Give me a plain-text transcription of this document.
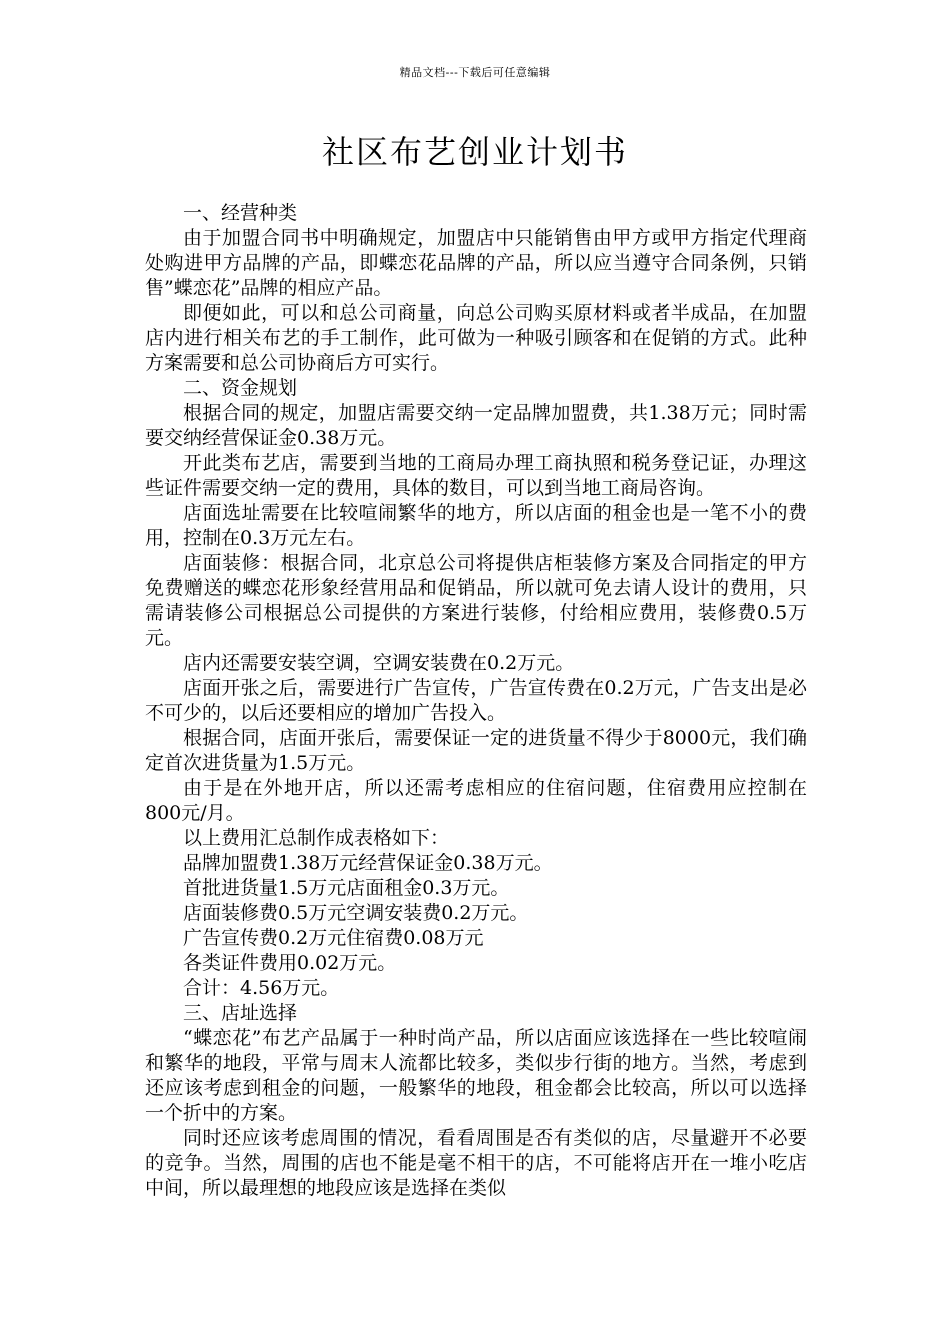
精品文档---下载后可任意编辑
社区布艺创业计划书

一、经营种类

由于加盟合同书中明确规定，加盟店中只能销售由甲方或甲方指定代理商处购进甲方品牌的产品，即蝶恋花品牌的产品，所以应当遵守合同条例，只销售”蝶恋花”品牌的相应产品。

即便如此，可以和总公司商量，向总公司购买原材料或者半成品，在加盟店内进行相关布艺的手工制作，此可做为一种吸引顾客和在促销的方式。此种方案需要和总公司协商后方可实行。

二、资金规划

根据合同的规定，加盟店需要交纳一定品牌加盟费，共1.38万元；同时需要交纳经营保证金0.38万元。

开此类布艺店，需要到当地的工商局办理工商执照和税务登记证，办理这些证件需要交纳一定的费用，具体的数目，可以到当地工商局咨询。

店面选址需要在比较喧闹繁华的地方，所以店面的租金也是一笔不小的费用，控制在0.3万元左右。

店面装修：根据合同，北京总公司将提供店柜装修方案及合同指定的甲方免费赠送的蝶恋花形象经营用品和促销品，所以就可免去请人设计的费用，只需请装修公司根据总公司提供的方案进行装修，付给相应费用，装修费0.5万元。

店内还需要安装空调，空调安装费在0.2万元。

店面开张之后，需要进行广告宣传，广告宣传费在0.2万元，广告支出是必不可少的，以后还要相应的增加广告投入。

根据合同，店面开张后，需要保证一定的进货量不得少于8000元，我们确定首次进货量为1.5万元。

由于是在外地开店，所以还需考虑相应的住宿问题，住宿费用应控制在800元/月。

以上费用汇总制作成表格如下：

品牌加盟费1.38万元经营保证金0.38万元。

首批进货量1.5万元店面租金0.3万元。

店面装修费0.5万元空调安装费0.2万元。

广告宣传费0.2万元住宿费0.08万元

各类证件费用0.02万元。

合计：4.56万元。

三、店址选择

“蝶恋花”布艺产品属于一种时尚产品，所以店面应该选择在一些比较喧闹和繁华的地段，平常与周末人流都比较多，类似步行街的地方。当然，考虑到还应该考虑到租金的问题，一般繁华的地段，租金都会比较高，所以可以选择一个折中的方案。

同时还应该考虑周围的情况，看看周围是否有类似的店，尽量避开不必要的竞争。当然，周围的店也不能是毫不相干的店，不可能将店开在一堆小吃店中间，所以最理想的地段应该是选择在类似
